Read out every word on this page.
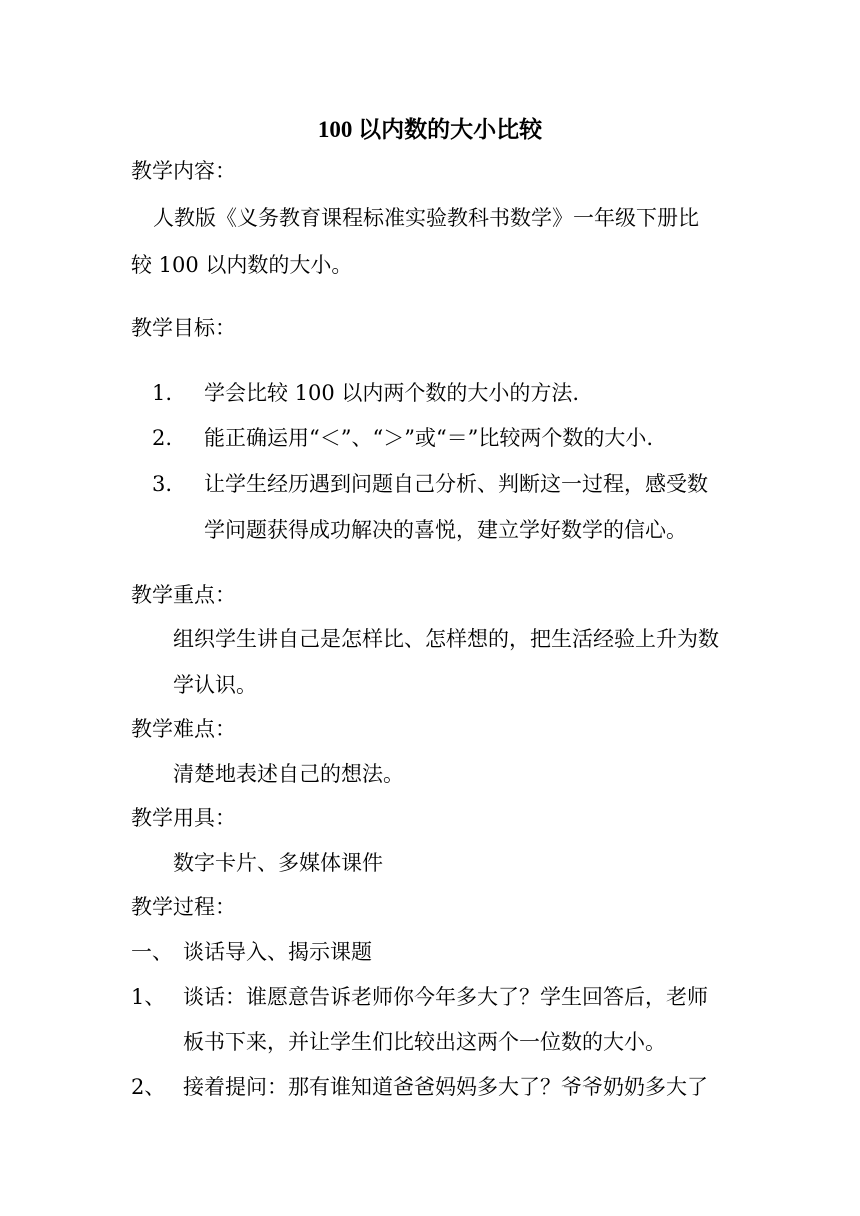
100 以内数的大小比较
教学内容：
人教版《义务教育课程标准实验教科书数学》一年级下册比
较 100 以内数的大小。
教学目标：
1. 学会比较 100 以内两个数的大小的方法.
2. 能正确运用“＜”、“＞”或“＝”比较两个数的大小.
3. 让学生经历遇到问题自己分析、判断这一过程，感受数
学问题获得成功解决的喜悦，建立学好数学的信心。
教学重点：
组织学生讲自己是怎样比、怎样想的，把生活经验上升为数
学认识。
教学难点：
清楚地表述自己的想法。
教学用具：
数字卡片、多媒体课件
教学过程：
一、 谈话导入、揭示课题
1、 谈话：谁愿意告诉老师你今年多大了？学生回答后，老师
板书下来，并让学生们比较出这两个一位数的大小。
2、 接着提问：那有谁知道爸爸妈妈多大了？爷爷奶奶多大了
